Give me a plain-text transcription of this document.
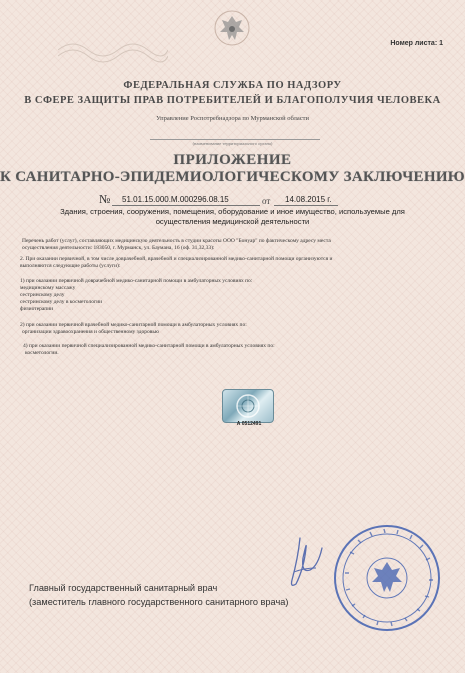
Номер листа: 1
ФЕДЕРАЛЬНАЯ СЛУЖБА ПО НАДЗОРУ
В СФЕРЕ ЗАЩИТЫ ПРАВ ПОТРЕБИТЕЛЕЙ И БЛАГОПОЛУЧИЯ ЧЕЛОВЕКА
Управление Роспотребнадзора по Мурманской области
(наименование территориального органа)
ПРИЛОЖЕНИЕ
К САНИТАРНО-ЭПИДЕМИОЛОГИЧЕСКОМУ ЗАКЛЮЧЕНИЮ
№ 51.01.15.000.М.000296.08.15	от 14.08.2015 г.
Здания, строения, сооружения, помещения, оборудование и иное имущество, используемые для
осуществления медицинской деятельности
Перечень работ (услуг), составляющих медицинскую деятельность в студии красоты ООО "Бонуар" по фактическому адресу места
осуществления деятельности: 183050, г. Мурманск, ул. Баумана, 16 (оф. 31,32,33):
2. При оказании первичной, в том числе доврачебной, врачебной и специализированной медико-санитарной помощи организуются и
выполняются следующие работы (услуги):
1) при оказании первичной доврачебной медико-санитарной помощи в амбулаторных условиях по:
медицинскому массажу
сестринскому делу
сестринскому делу в косметологии
физиотерапии
2) при оказании первичной врачебной медико-санитарной помощи в амбулаторных условиях по:
организации здравоохранения и общественному здоровью
4) при оказании первичной специализированной медико-санитарной помощи в амбулаторных условиях по:
косметологии.
А 0512491
Главный государственный санитарный врач
(заместитель главного государственного санитарного врача)
